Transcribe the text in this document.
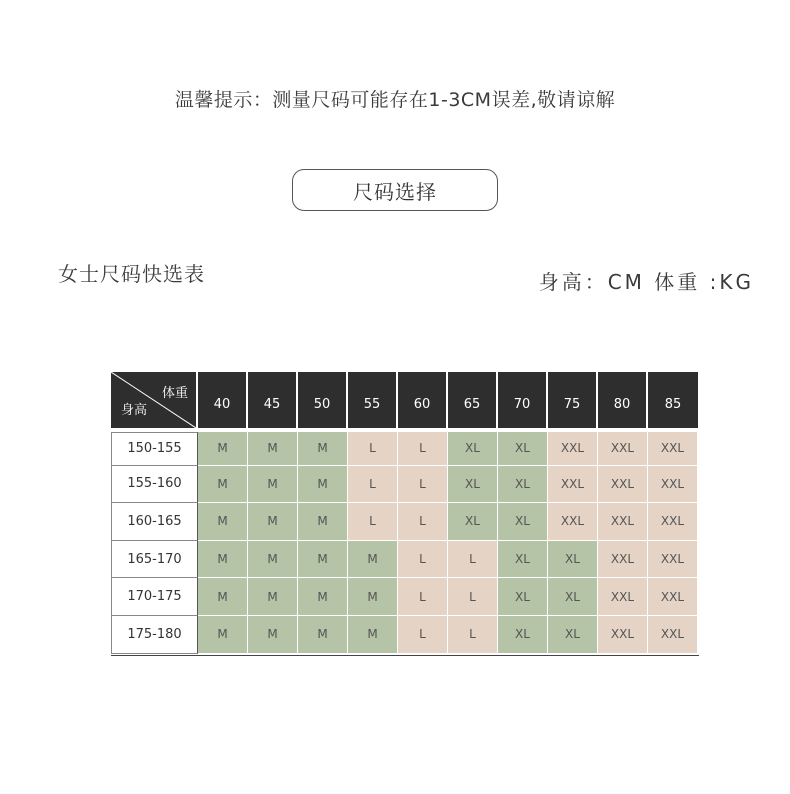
温馨提示：测量尺码可能存在1-3CM误差,敬请谅解
尺码选择
女士尺码快选表	身高：CM 体重 :KG
体重
身高	40	45	50	55	60	65	70	75	80	85
150-155	M	M	M	L	L	XL	XL	XXL	XXL	XXL
155-160	M	M	M	L	L	XL	XL	XXL	XXL	XXL
160-165	M	M	M	L	L	XL	XL	XXL	XXL	XXL
165-170	M	M	M	M	L	L	XL	XL	XXL	XXL
170-175	M	M	M	M	L	L	XL	XL	XXL	XXL
175-180	M	M	M	M	L	L	XL	XL	XXL	XXL
